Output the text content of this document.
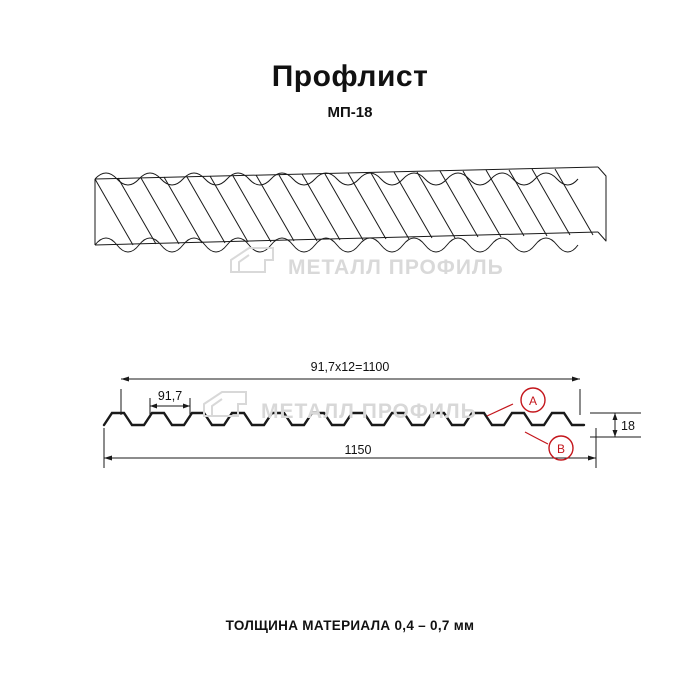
Профлист
МП-18
МЕТАЛЛ ПРОФИЛЬ
МЕТАЛЛ ПРОФИЛЬ
91,7x12=1100
91,7
1150
18
A
B
ТОЛЩИНА МАТЕРИАЛА 0,4 – 0,7 мм
